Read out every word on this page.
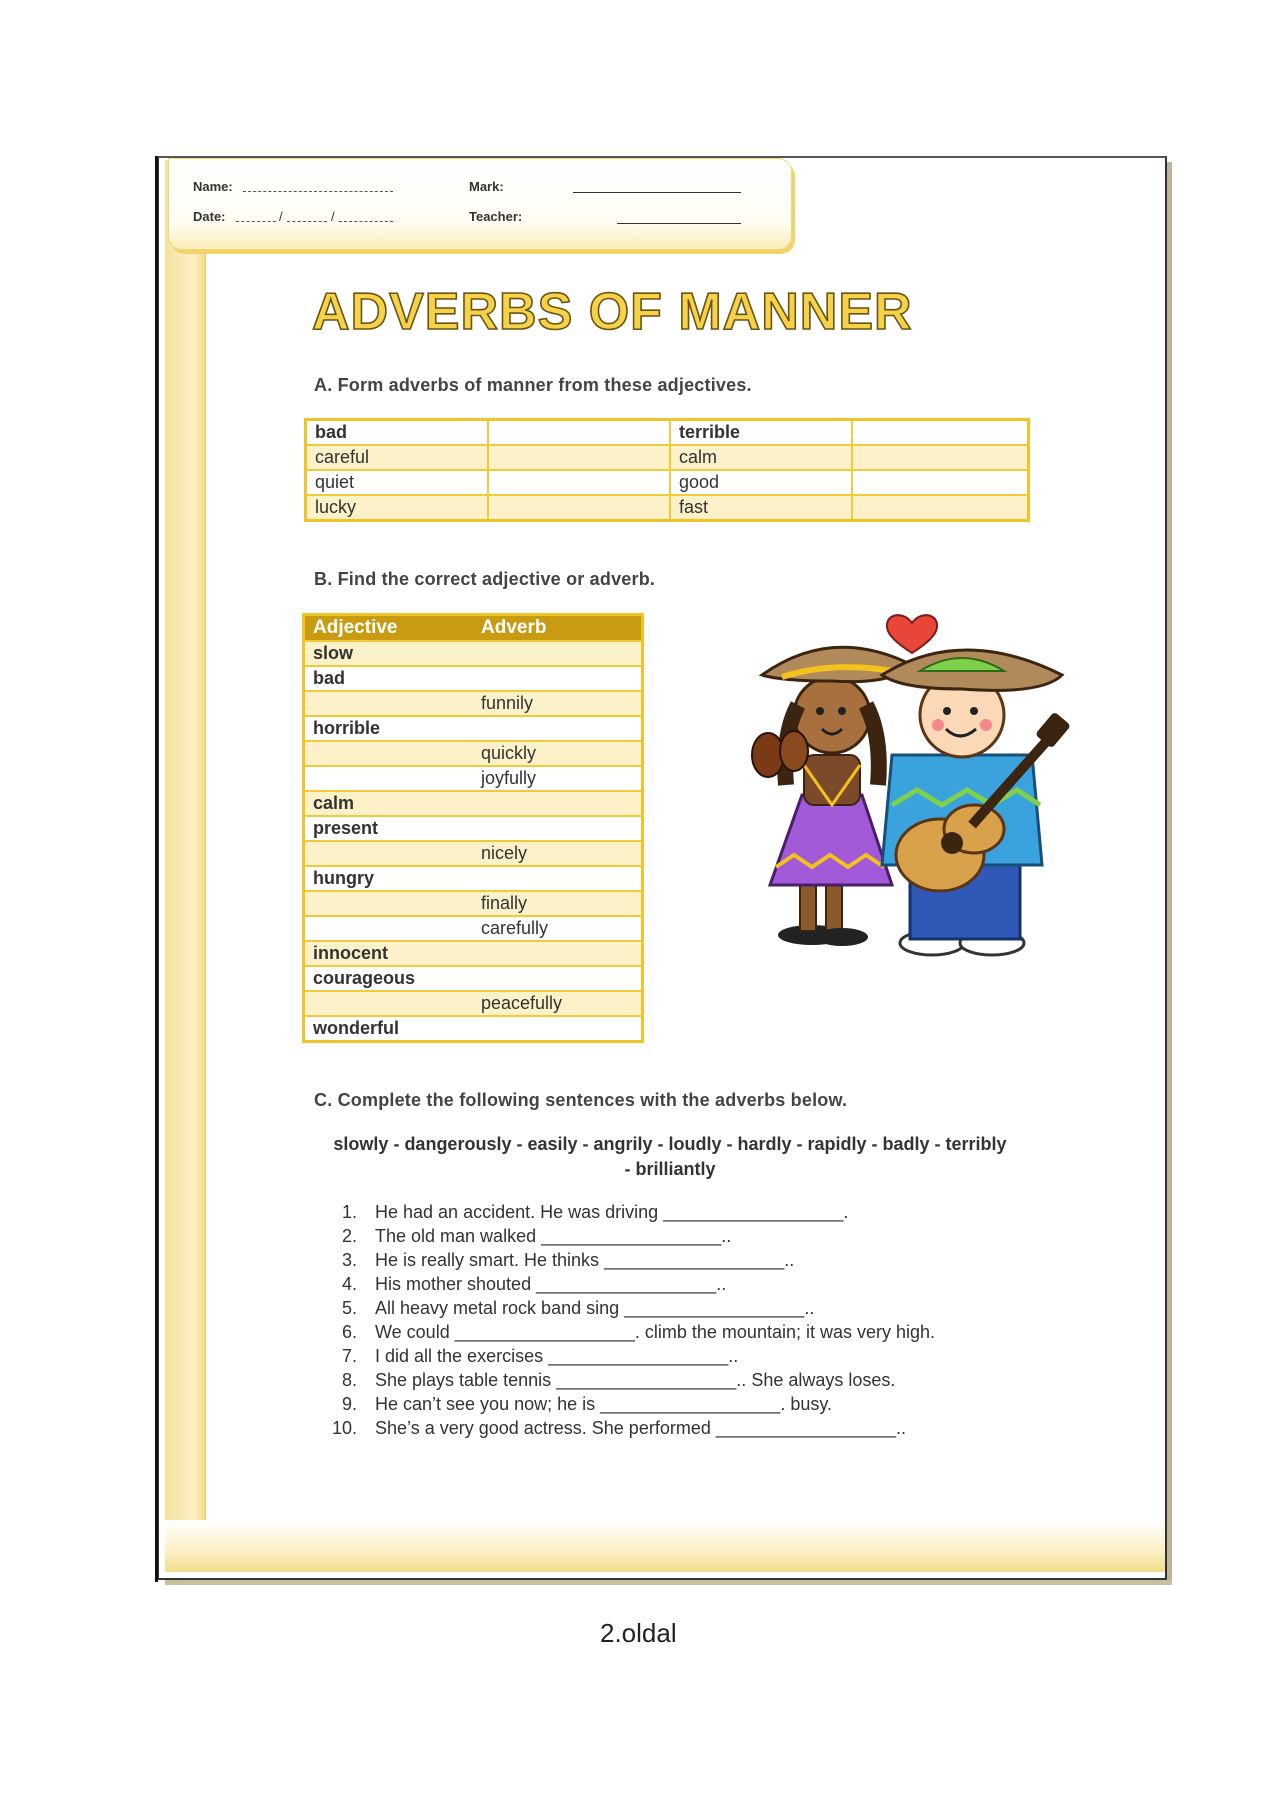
Name:
Date:	/	/
Mark:
Teacher:
ADVERBS OF MANNER
A. Form adverbs of manner from these adjectives.
bad		terrible	
careful		calm	
quiet		good	
lucky		fast	
B. Find the correct adjective or adverb.
Adjective	Adverb
slow	
bad	
	funnily
horrible	
	quickly
	joyfully
calm	
present	
	nicely
hungry	
	finally
	carefully
innocent	
courageous	
	peacefully
wonderful	
C. Complete the following sentences with the adverbs below.
slowly - dangerously - easily - angrily - loudly - hardly - rapidly - badly - terribly
- brilliantly
1. He had an accident. He was driving __________________.
2. The old man walked __________________..
3. He is really smart. He thinks __________________..
4. His mother shouted __________________..
5. All heavy metal rock band sing __________________..
6. We could __________________. climb the mountain; it was very high.
7. I did all the exercises __________________..
8. She plays table tennis __________________.. She always loses.
9. He can’t see you now; he is __________________. busy.
10. She’s a very good actress. She performed __________________..
2.oldal
